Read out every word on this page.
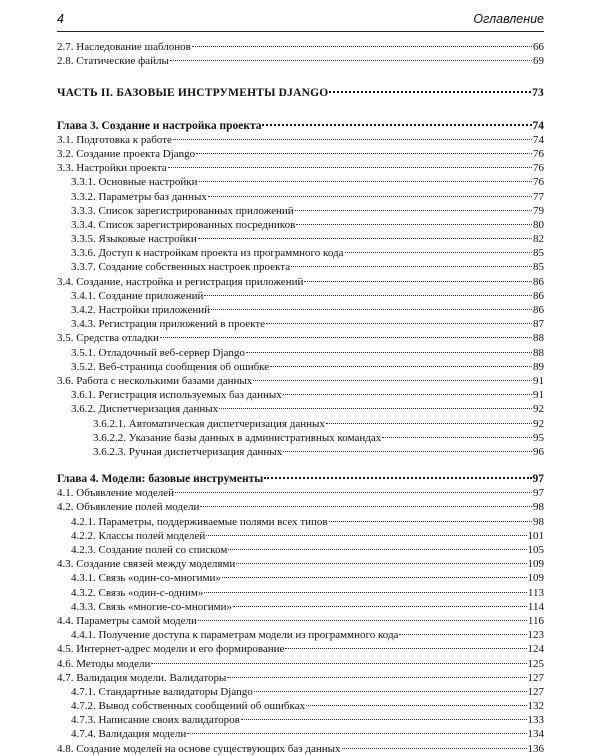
4	Оглавление
2.7. Наследование шаблонов	66
2.8. Статические файлы	69
ЧАСТЬ II. БАЗОВЫЕ ИНСТРУМЕНТЫ DJANGO	73
Глава 3. Создание и настройка проекта	74
3.1. Подготовка к работе	74
3.2. Создание проекта Django	76
3.3. Настройки проекта	76
3.3.1. Основные настройки	76
3.3.2. Параметры баз данных	77
3.3.3. Список зарегистрированных приложений	79
3.3.4. Список зарегистрированных посредников	80
3.3.5. Языковые настройки	82
3.3.6. Доступ к настройкам проекта из программного кода	85
3.3.7. Создание собственных настроек проекта	85
3.4. Создание, настройка и регистрация приложений	86
3.4.1. Создание приложений	86
3.4.2. Настройки приложений	86
3.4.3. Регистрация приложений в проекте	87
3.5. Средства отладки	88
3.5.1. Отладочный веб-сервер Django	88
3.5.2. Веб-страница сообщения об ошибке	89
3.6. Работа с несколькими базами данных	91
3.6.1. Регистрация используемых баз данных	91
3.6.2. Диспетчеризация данных	92
3.6.2.1. Автоматическая диспетчеризация данных	92
3.6.2.2. Указание базы данных в административных командах	95
3.6.2.3. Ручная диспетчеризация данных	96
Глава 4. Модели: базовые инструменты	97
4.1. Объявление моделей	97
4.2. Объявление полей модели	98
4.2.1. Параметры, поддерживаемые полями всех типов	98
4.2.2. Классы полей моделей	101
4.2.3. Создание полей со списком	105
4.3. Создание связей между моделями	109
4.3.1. Связь «один-со-многими»	109
4.3.2. Связь «один-с-одним»	113
4.3.3. Связь «многие-со-многими»	114
4.4. Параметры самой модели	116
4.4.1. Получение доступа к параметрам модели из программного кода	123
4.5. Интернет-адрес модели и его формирование	124
4.6. Методы модели	125
4.7. Валидация модели. Валидаторы	127
4.7.1. Стандартные валидаторы Django	127
4.7.2. Вывод собственных сообщений об ошибках	132
4.7.3. Написание своих валидаторов	133
4.7.4. Валидация модели	134
4.8. Создание моделей на основе существующих баз данных	136
